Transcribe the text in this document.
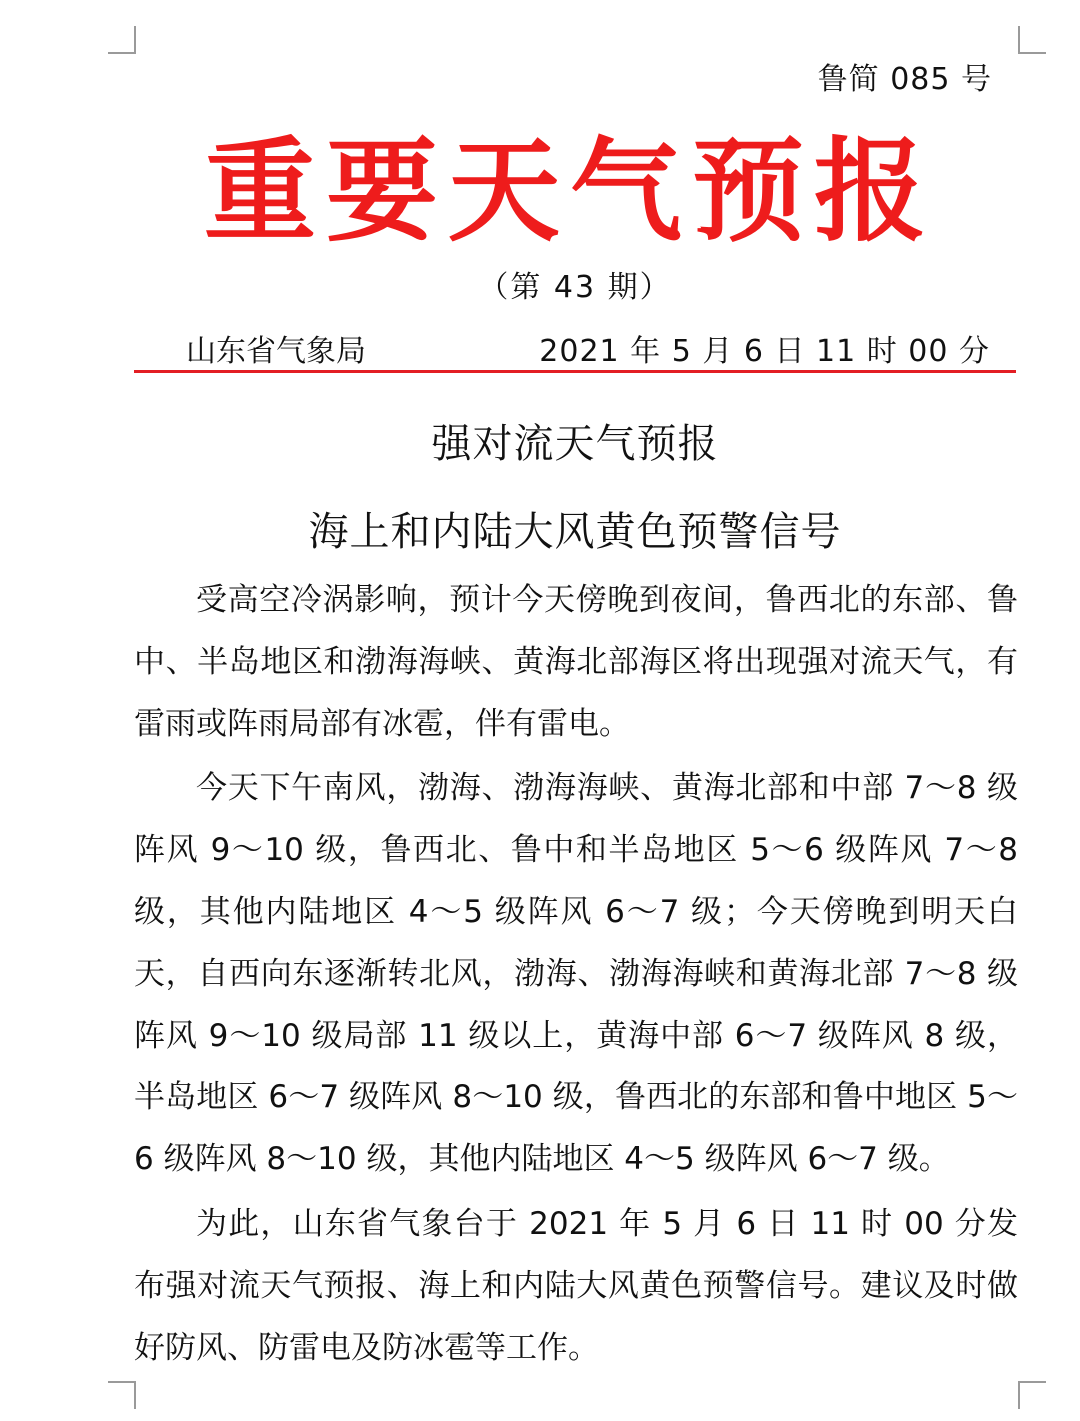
鲁简 085 号
重要天气预报
（第 43 期）
山东省气象局	2021 年 5 月 6 日 11 时 00 分
强对流天气预报
海上和内陆大风黄色预警信号

受高空冷涡影响，预计今天傍晚到夜间，鲁西北的东部、鲁中、半岛地区和渤海海峡、黄海北部海区将出现强对流天气，有雷雨或阵雨局部有冰雹，伴有雷电。

今天下午南风，渤海、渤海海峡、黄海北部和中部 7～8 级阵风 9～10 级，鲁西北、鲁中和半岛地区 5～6 级阵风 7～8 级，其他内陆地区 4～5 级阵风 6～7 级；今天傍晚到明天白天，自西向东逐渐转北风，渤海、渤海海峡和黄海北部 7～8 级阵风 9～10 级局部 11 级以上，黄海中部 6～7 级阵风 8 级，半岛地区 6～7 级阵风 8～10 级，鲁西北的东部和鲁中地区 5～6 级阵风 8～10 级，其他内陆地区 4～5 级阵风 6～7 级。

为此，山东省气象台于 2021 年 5 月 6 日 11 时 00 分发布强对流天气预报、海上和内陆大风黄色预警信号。建议及时做好防风、防雷电及防冰雹等工作。
